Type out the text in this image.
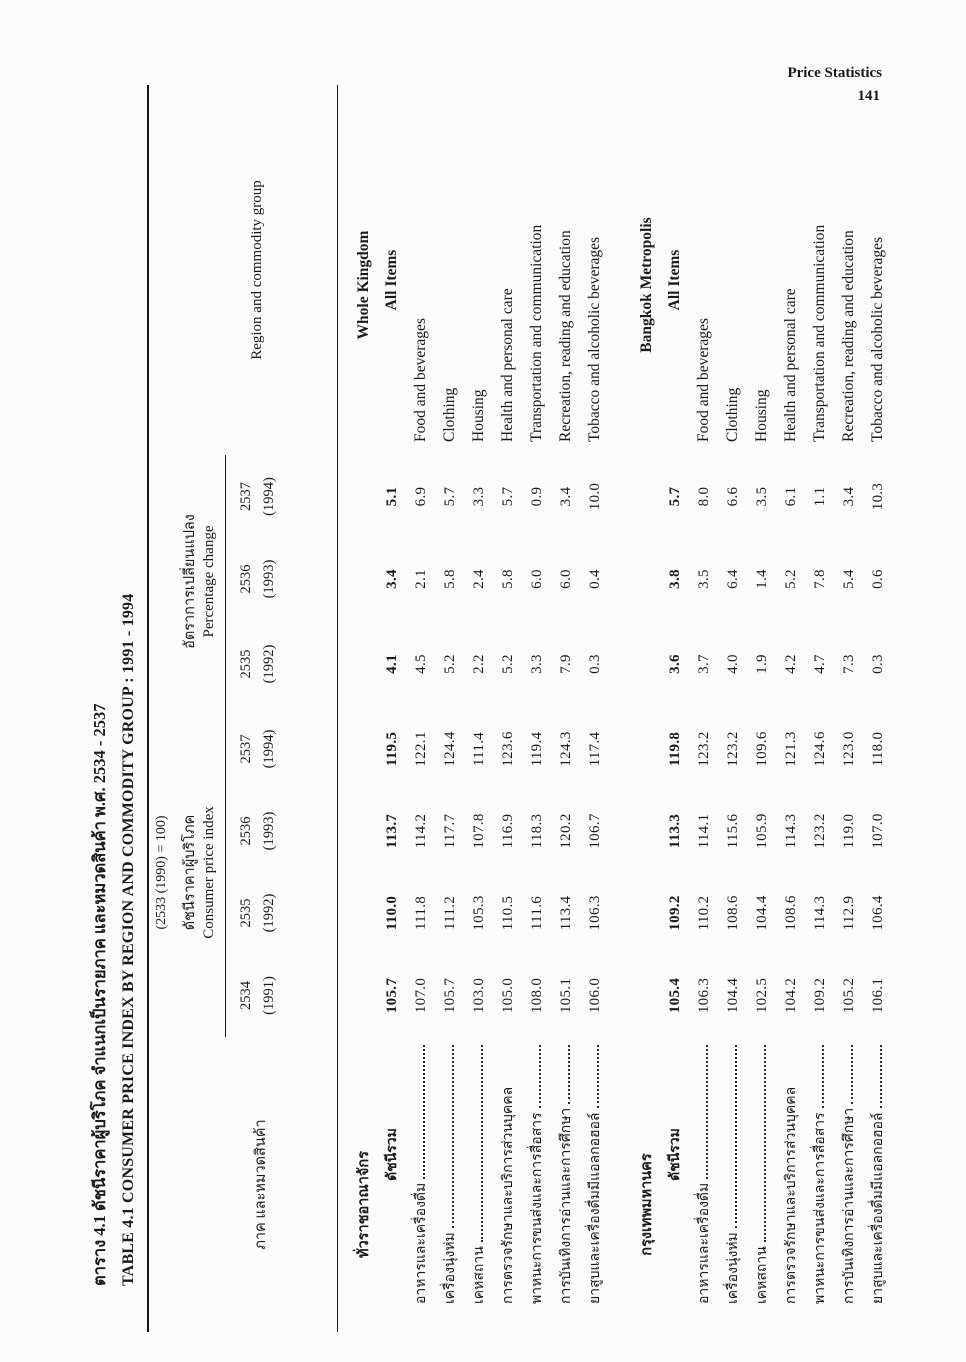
Price Statistics
141
ตาราง 4.1 ดัชนีราคาผู้บริโภค จำแนกเป็นรายภาค และหมวดสินค้า พ.ศ. 2534 - 2537 TABLE 4.1 CONSUMER PRICE INDEX BY REGION AND COMMODITY GROUP : 1991 - 1994 (2533 (1990) = 100) ดัชนีราคาผู้บริโภค Consumer price index
2534 (1991)
2535 (1992)
2536 (1993)
2537 (1994)
อัตราการเปลี่ยนแปลง Percentage change
2535 (1992)
2536 (1993)
2537 (1994)
ภาค และหมวดสินค้า
Region and commodity group
ทั่วราชอาณาจักร
Whole Kingdom
ดัชนีรวม
105.7
110.0
113.7
119.5
4.1
3.4
5.1
All Items
อาหารและเครื่องดื่ม
107.0
111.8
114.2
122.1
4.5
2.1
6.9
Food and beverages
เครื่องนุ่งห่ม
105.7
111.2
117.7
124.4
5.2
5.8
5.7
Clothing
เคหสถาน
103.0
105.3
107.8
111.4
2.2
2.4
3.3
Housing
การตรวจรักษาและบริการส่วนบุคคล
105.0
110.5
116.9
123.6
5.2
5.8
5.7
Health and personal care
พาหนะการขนส่งและการสื่อสาร
108.0
111.6
118.3
119.4
3.3
6.0
0.9
Transportation and communication
การบันเทิงการอ่านและการศึกษา
105.1
113.4
120.2
124.3
7.9
6.0
3.4
Recreation, reading and education
ยาสูบและเครื่องดื่มมีแอลกอฮอล์
106.0
106.3
106.7
117.4
0.3
0.4
10.0
Tobacco and alcoholic beverages
กรุงเทพมหานคร
Bangkok Metropolis
ดัชนีรวม
105.4
109.2
113.3
119.8
3.6
3.8
5.7
All Items
อาหารและเครื่องดื่ม
106.3
110.2
114.1
123.2
3.7
3.5
8.0
Food and beverages
เครื่องนุ่งห่ม
104.4
108.6
115.6
123.2
4.0
6.4
6.6
Clothing
เคหสถาน
102.5
104.4
105.9
109.6
1.9
1.4
3.5
Housing
การตรวจรักษาและบริการส่วนบุคคล
104.2
108.6
114.3
121.3
4.2
5.2
6.1
Health and personal care
พาหนะการขนส่งและการสื่อสาร
109.2
114.3
123.2
124.6
4.7
7.8
1.1
Transportation and communication
การบันเทิงการอ่านและการศึกษา
105.2
112.9
119.0
123.0
7.3
5.4
3.4
Recreation, reading and education
ยาสูบและเครื่องดื่มมีแอลกอฮอล์
106.1
106.4
107.0
118.0
0.3
0.6
10.3
Tobacco and alcoholic beverages
